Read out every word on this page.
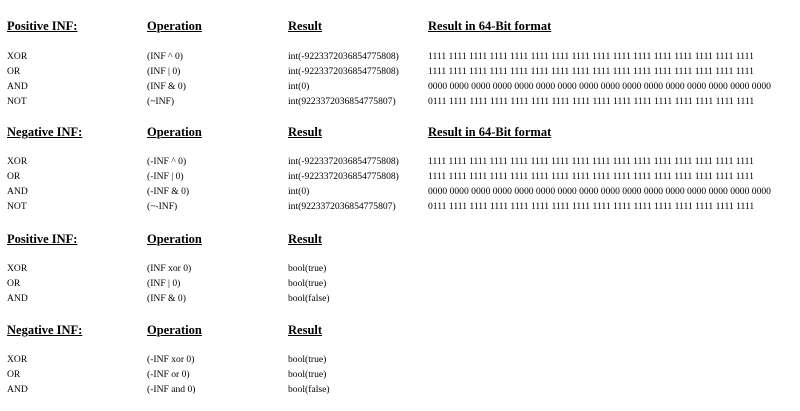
Positive INF:	Operation	Result	Result in 64-Bit format
XOR	(INF ^ 0)	int(-9223372036854775808)	1111 1111 1111 1111 1111 1111 1111 1111 1111 1111 1111 1111 1111 1111 1111 1111
OR	(INF | 0)	int(-9223372036854775808)	1111 1111 1111 1111 1111 1111 1111 1111 1111 1111 1111 1111 1111 1111 1111 1111
AND	(INF & 0)	int(0)	0000 0000 0000 0000 0000 0000 0000 0000 0000 0000 0000 0000 0000 0000 0000 0000
NOT	(~INF)	int(9223372036854775807)	0111 1111 1111 1111 1111 1111 1111 1111 1111 1111 1111 1111 1111 1111 1111 1111
Negative INF:	Operation	Result	Result in 64-Bit format
XOR	(-INF ^ 0)	int(-9223372036854775808)	1111 1111 1111 1111 1111 1111 1111 1111 1111 1111 1111 1111 1111 1111 1111 1111
OR	(-INF | 0)	int(-9223372036854775808)	1111 1111 1111 1111 1111 1111 1111 1111 1111 1111 1111 1111 1111 1111 1111 1111
AND	(-INF & 0)	int(0)	0000 0000 0000 0000 0000 0000 0000 0000 0000 0000 0000 0000 0000 0000 0000 0000
NOT	(~-INF)	int(9223372036854775807)	0111 1111 1111 1111 1111 1111 1111 1111 1111 1111 1111 1111 1111 1111 1111 1111
Positive INF:	Operation	Result
XOR	(INF xor 0)	bool(true)
OR	(INF | 0)	bool(true)
AND	(INF & 0)	bool(false)
Negative INF:	Operation	Result
XOR	(-INF xor 0)	bool(true)
OR	(-INF or 0)	bool(true)
AND	(-INF and 0)	bool(false)
